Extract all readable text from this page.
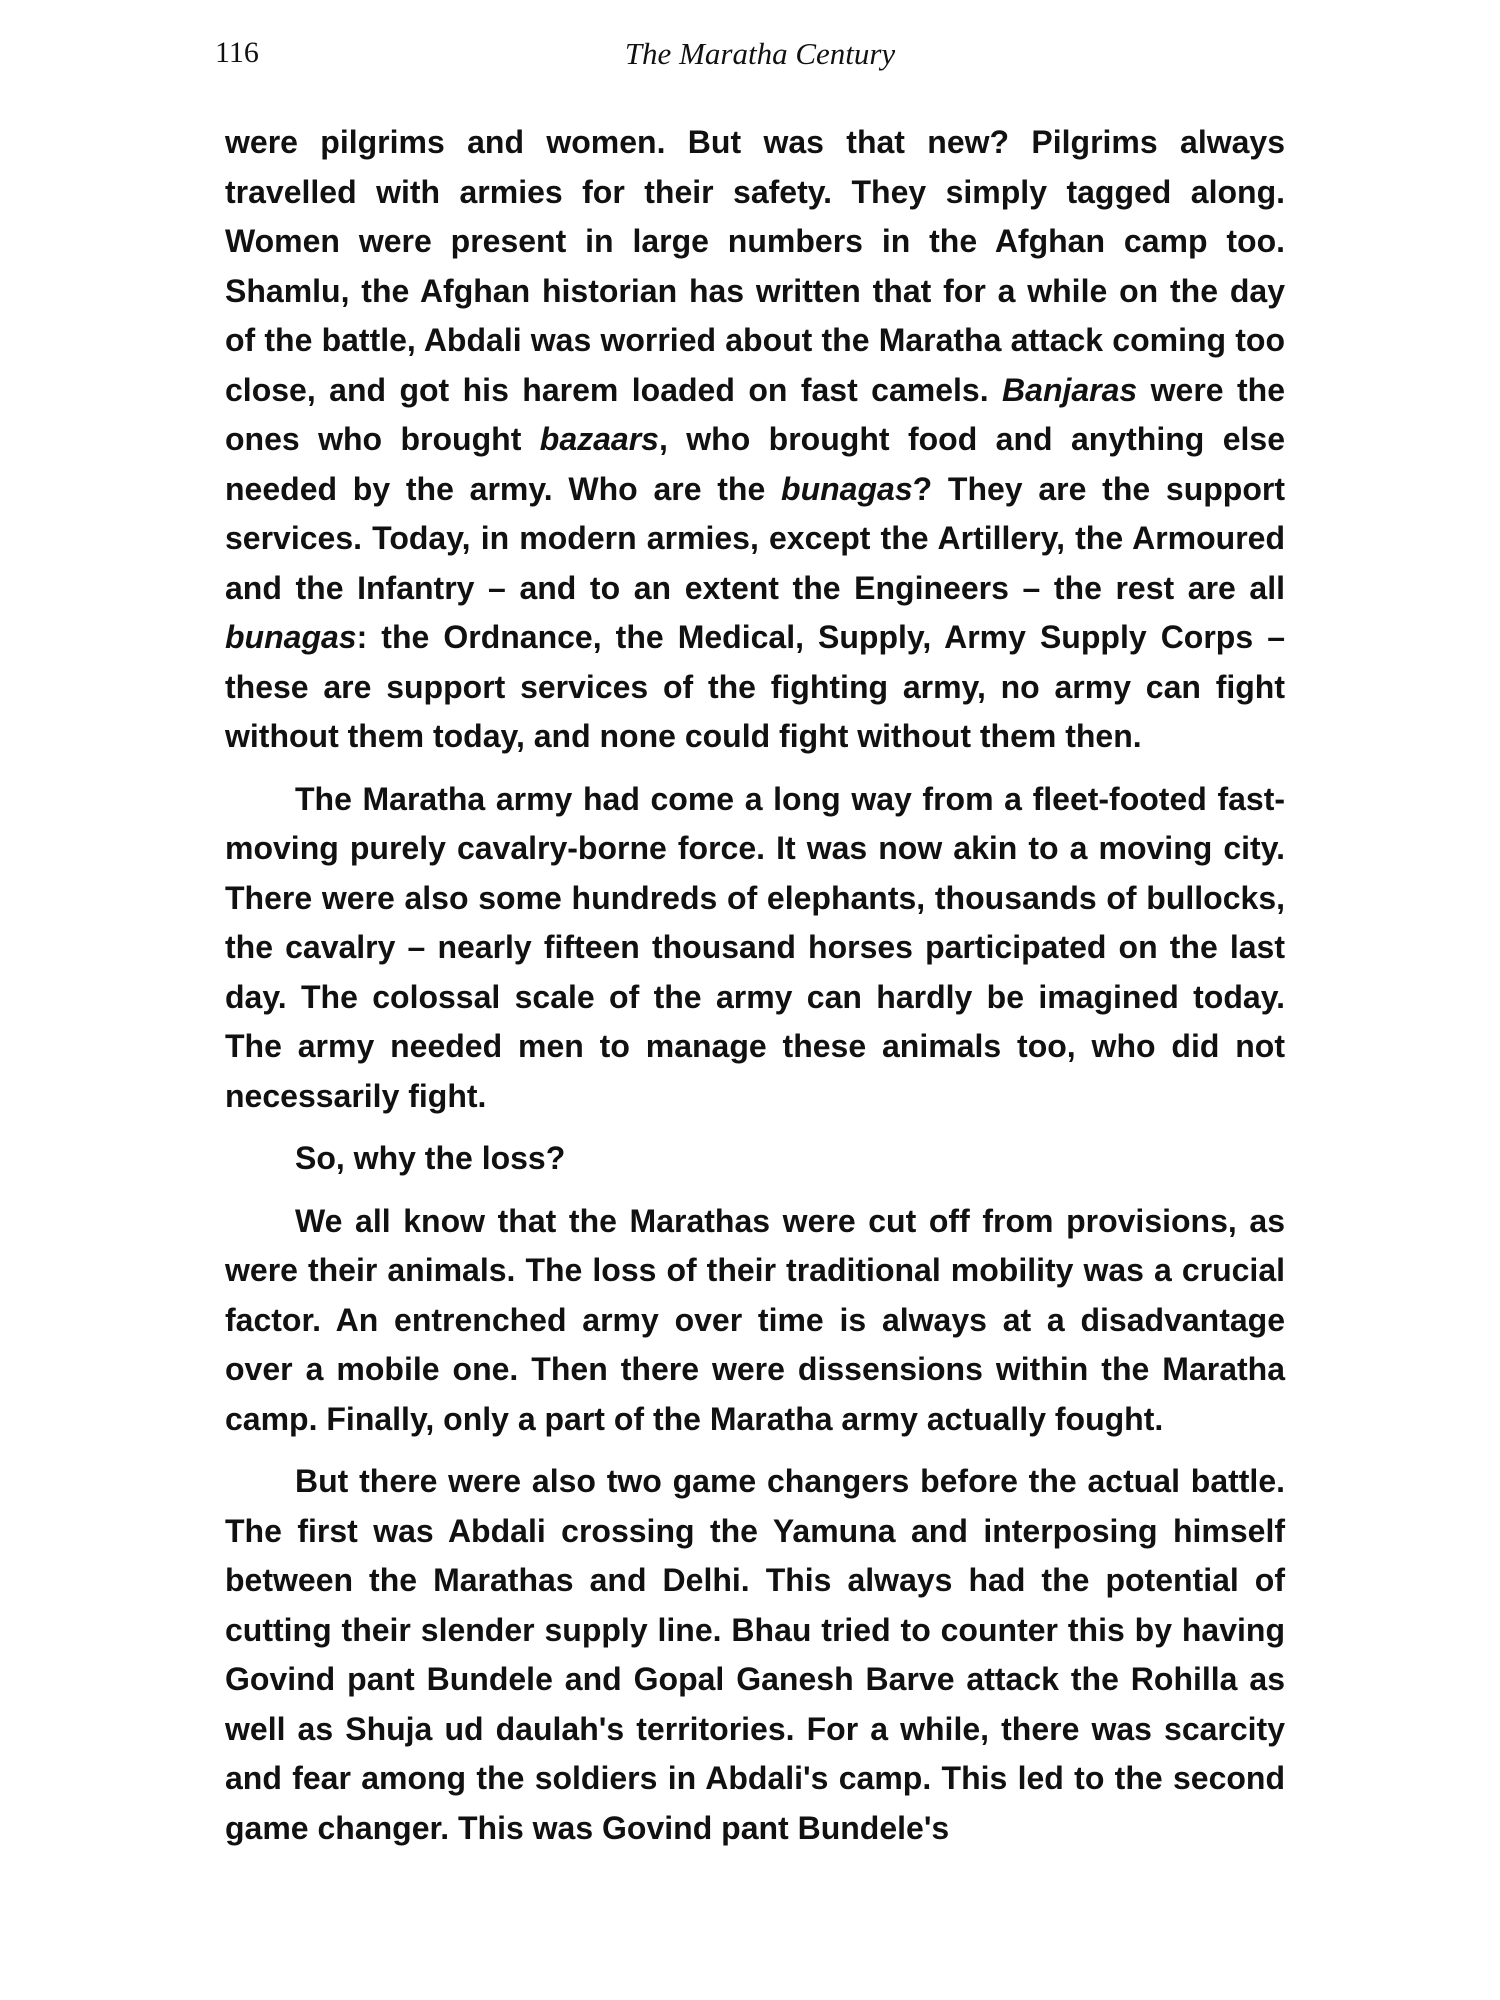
116	The Maratha Century

were pilgrims and women. But was that new? Pilgrims always travelled with armies for their safety. They simply tagged along. Women were present in large numbers in the Afghan camp too. Shamlu, the Afghan historian has written that for a while on the day of the battle, Abdali was worried about the Maratha attack coming too close, and got his harem loaded on fast camels. Banjaras were the ones who brought bazaars, who brought food and anything else needed by the army. Who are the bunagas? They are the support services. Today, in modern armies, except the Artillery, the Armoured and the Infantry – and to an extent the Engineers – the rest are all bunagas: the Ordnance, the Medical, Supply, Army Supply Corps – these are support services of the fighting army, no army can fight without them today, and none could fight without them then.

The Maratha army had come a long way from a fleet-footed fast-moving purely cavalry-borne force. It was now akin to a moving city. There were also some hundreds of elephants, thousands of bullocks, the cavalry – nearly fifteen thousand horses participated on the last day. The colossal scale of the army can hardly be imagined today. The army needed men to manage these animals too, who did not necessarily fight.

So, why the loss?

We all know that the Marathas were cut off from provisions, as were their animals. The loss of their traditional mobility was a crucial factor. An entrenched army over time is always at a disadvantage over a mobile one. Then there were dissensions within the Maratha camp. Finally, only a part of the Maratha army actually fought.

But there were also two game changers before the actual battle. The first was Abdali crossing the Yamuna and interposing himself between the Marathas and Delhi. This always had the potential of cutting their slender supply line. Bhau tried to counter this by having Govind pant Bundele and Gopal Ganesh Barve attack the Rohilla as well as Shuja ud daulah's territories. For a while, there was scarcity and fear among the soldiers in Abdali's camp. This led to the second game changer. This was Govind pant Bundele's
